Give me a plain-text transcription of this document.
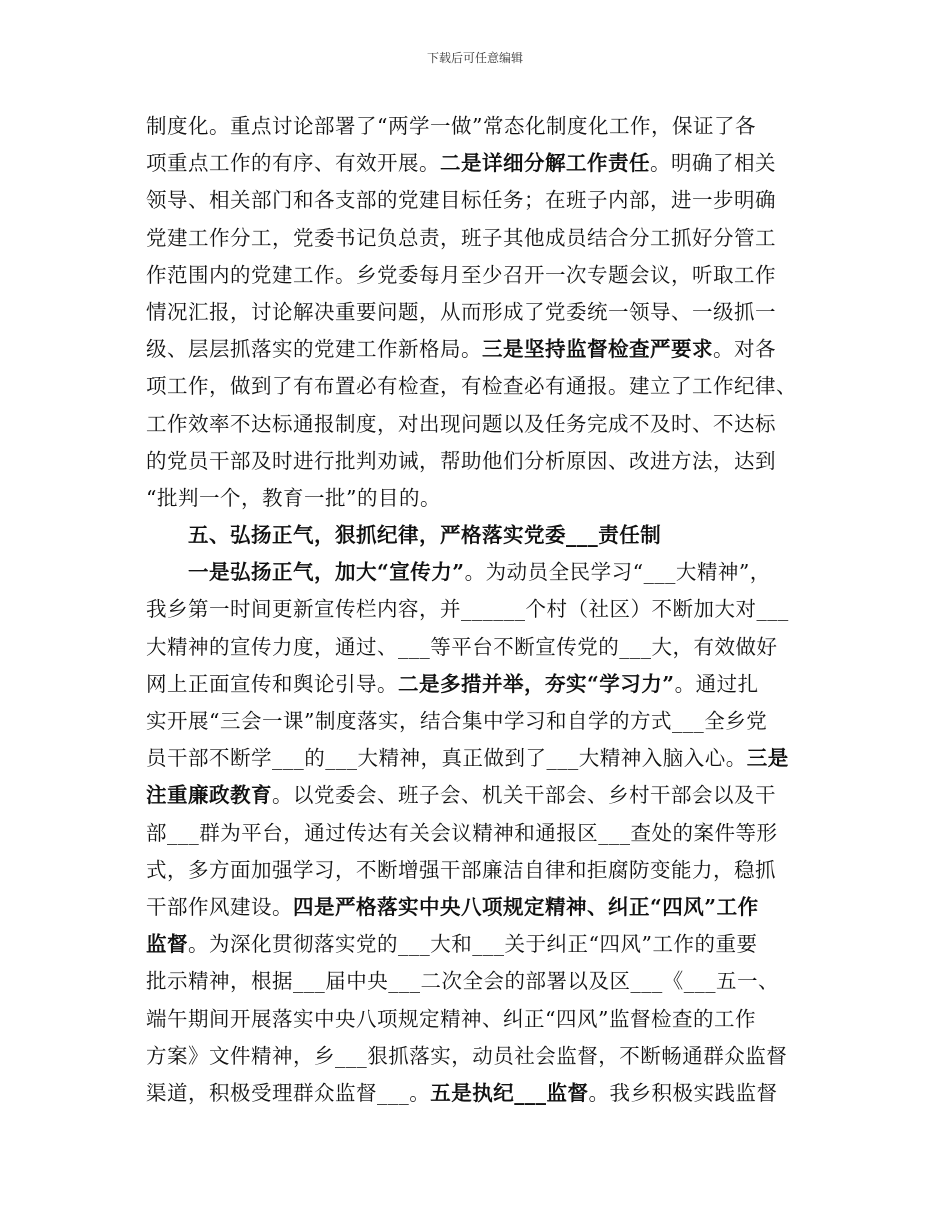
下载后可任意编辑
制度化。重点讨论部署了“两学一做”常态化制度化工作，保证了各
项重点工作的有序、有效开展。二是详细分解工作责任。明确了相关
领导、相关部门和各支部的党建目标任务；在班子内部，进一步明确
党建工作分工，党委书记负总责，班子其他成员结合分工抓好分管工
作范围内的党建工作。乡党委每月至少召开一次专题会议，听取工作
情况汇报，讨论解决重要问题，从而形成了党委统一领导、一级抓一
级、层层抓落实的党建工作新格局。三是坚持监督检查严要求。对各
项工作，做到了有布置必有检查，有检查必有通报。建立了工作纪律、
工作效率不达标通报制度，对出现问题以及任务完成不及时、不达标
的党员干部及时进行批判劝诫，帮助他们分析原因、改进方法，达到
“批判一个，教育一批”的目的。
五、弘扬正气，狠抓纪律，严格落实党委___责任制
一是弘扬正气，加大“宣传力”。为动员全民学习“___大精神”，
我乡第一时间更新宣传栏内容，并______个村（社区）不断加大对___
大精神的宣传力度，通过、___等平台不断宣传党的___大，有效做好
网上正面宣传和舆论引导。二是多措并举，夯实“学习力”。通过扎
实开展“三会一课”制度落实，结合集中学习和自学的方式___全乡党
员干部不断学___的___大精神，真正做到了___大精神入脑入心。三是
注重廉政教育。以党委会、班子会、机关干部会、乡村干部会以及干
部___群为平台，通过传达有关会议精神和通报区___查处的案件等形
式，多方面加强学习，不断增强干部廉洁自律和拒腐防变能力，稳抓
干部作风建设。四是严格落实中央八项规定精神、纠正“四风”工作
监督。为深化贯彻落实党的___大和___关于纠正“四风”工作的重要
批示精神，根据___届中央___二次全会的部署以及区___《___五一、
端午期间开展落实中央八项规定精神、纠正“四风”监督检查的工作
方案》文件精神，乡___狠抓落实，动员社会监督，不断畅通群众监督
渠道，积极受理群众监督___。五是执纪___监督。我乡积极实践监督
